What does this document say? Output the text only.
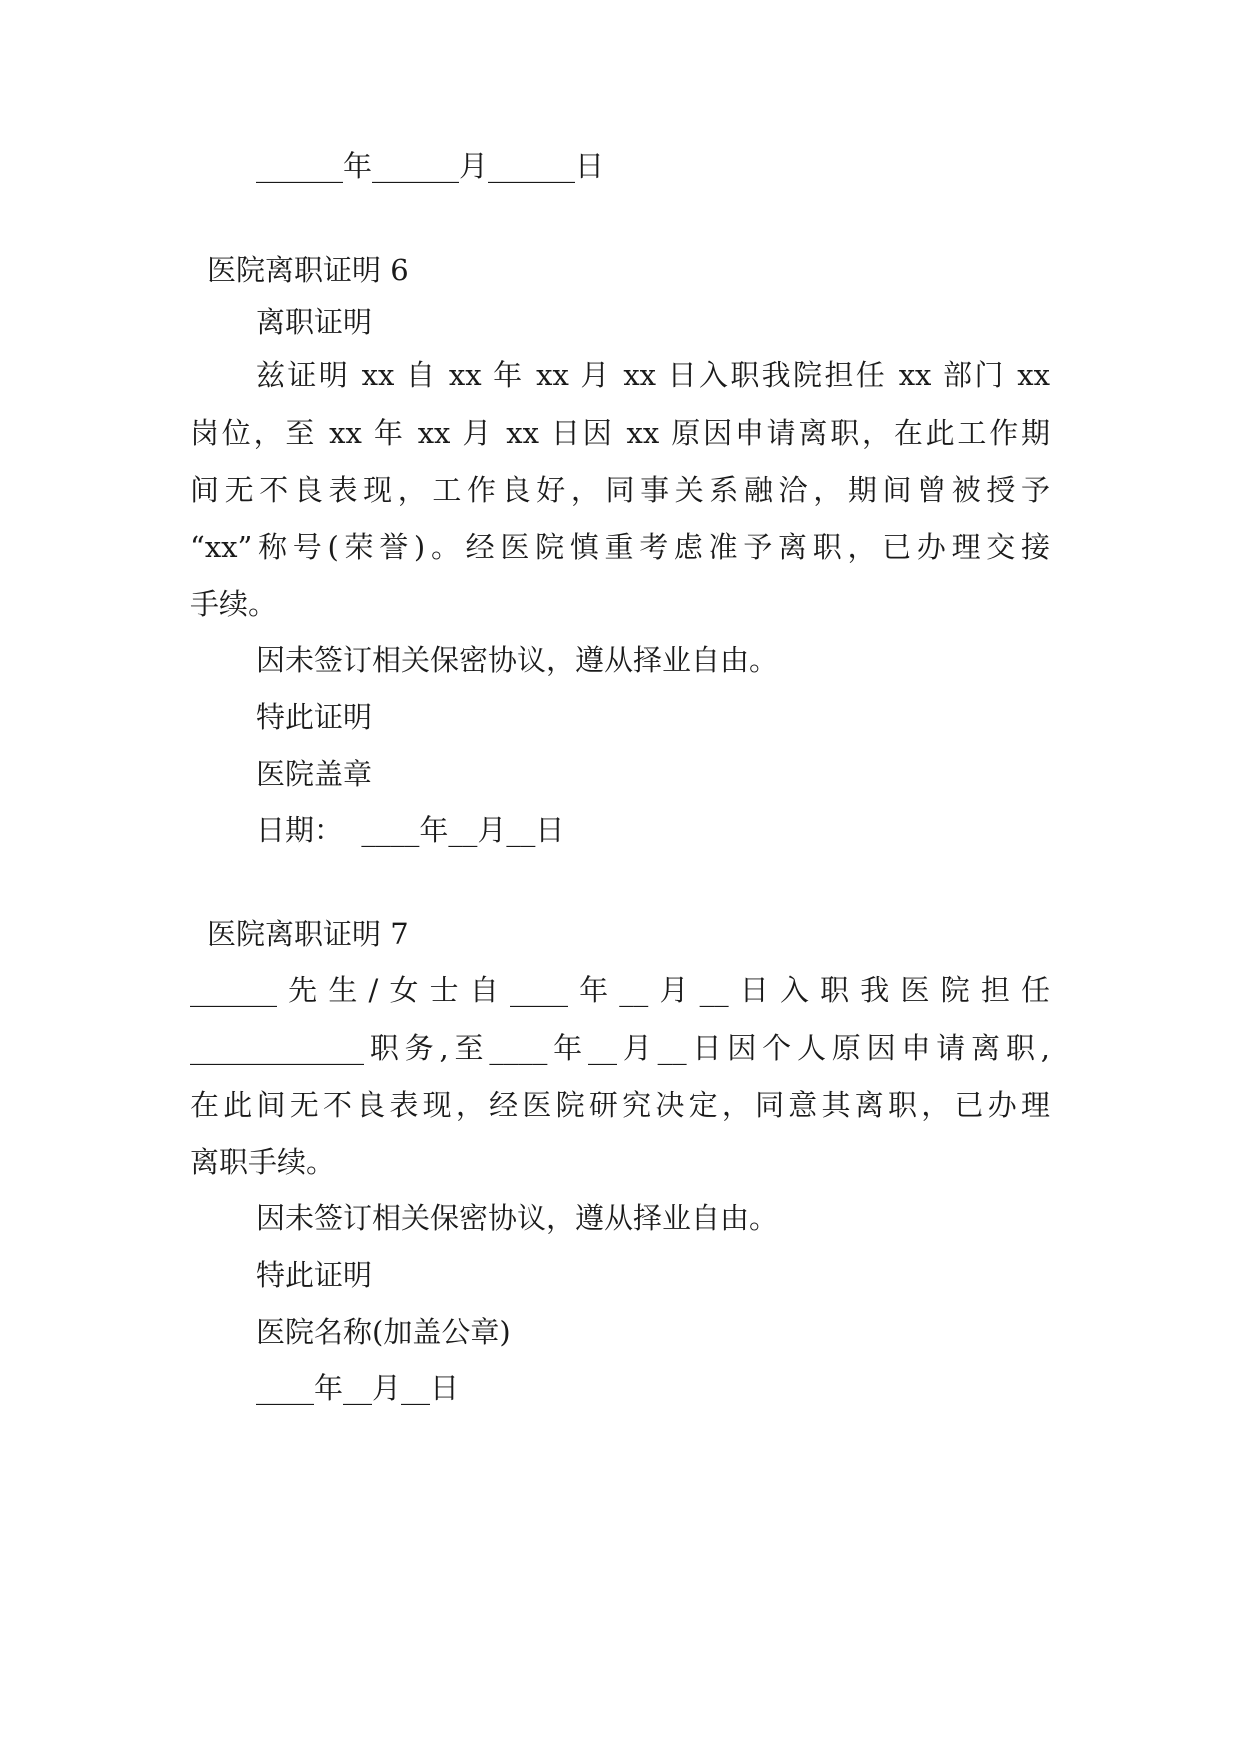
______年______月______日
医院离职证明 6
离职证明
兹证明 xx 自 xx 年 xx 月 xx 日入职我院担任 xx 部门 xx
岗位，至 xx 年 xx 月 xx 日因 xx 原因申请离职，在此工作期
间无不良表现，工作良好，同事关系融洽，期间曾被授予
“xx”称号(荣誉)。经医院慎重考虑准予离职，已办理交接
手续。
因未签订相关保密协议，遵从择业自由。
特此证明
医院盖章
日期：  ____年__月__日
医院离职证明 7
______先生/女士自____年__月__日入职我医院担任
____________职务,至____年__月__日因个人原因申请离职,
在此间无不良表现，经医院研究决定，同意其离职，已办理
离职手续。
因未签订相关保密协议，遵从择业自由。
特此证明
医院名称(加盖公章)
____年__月__日
